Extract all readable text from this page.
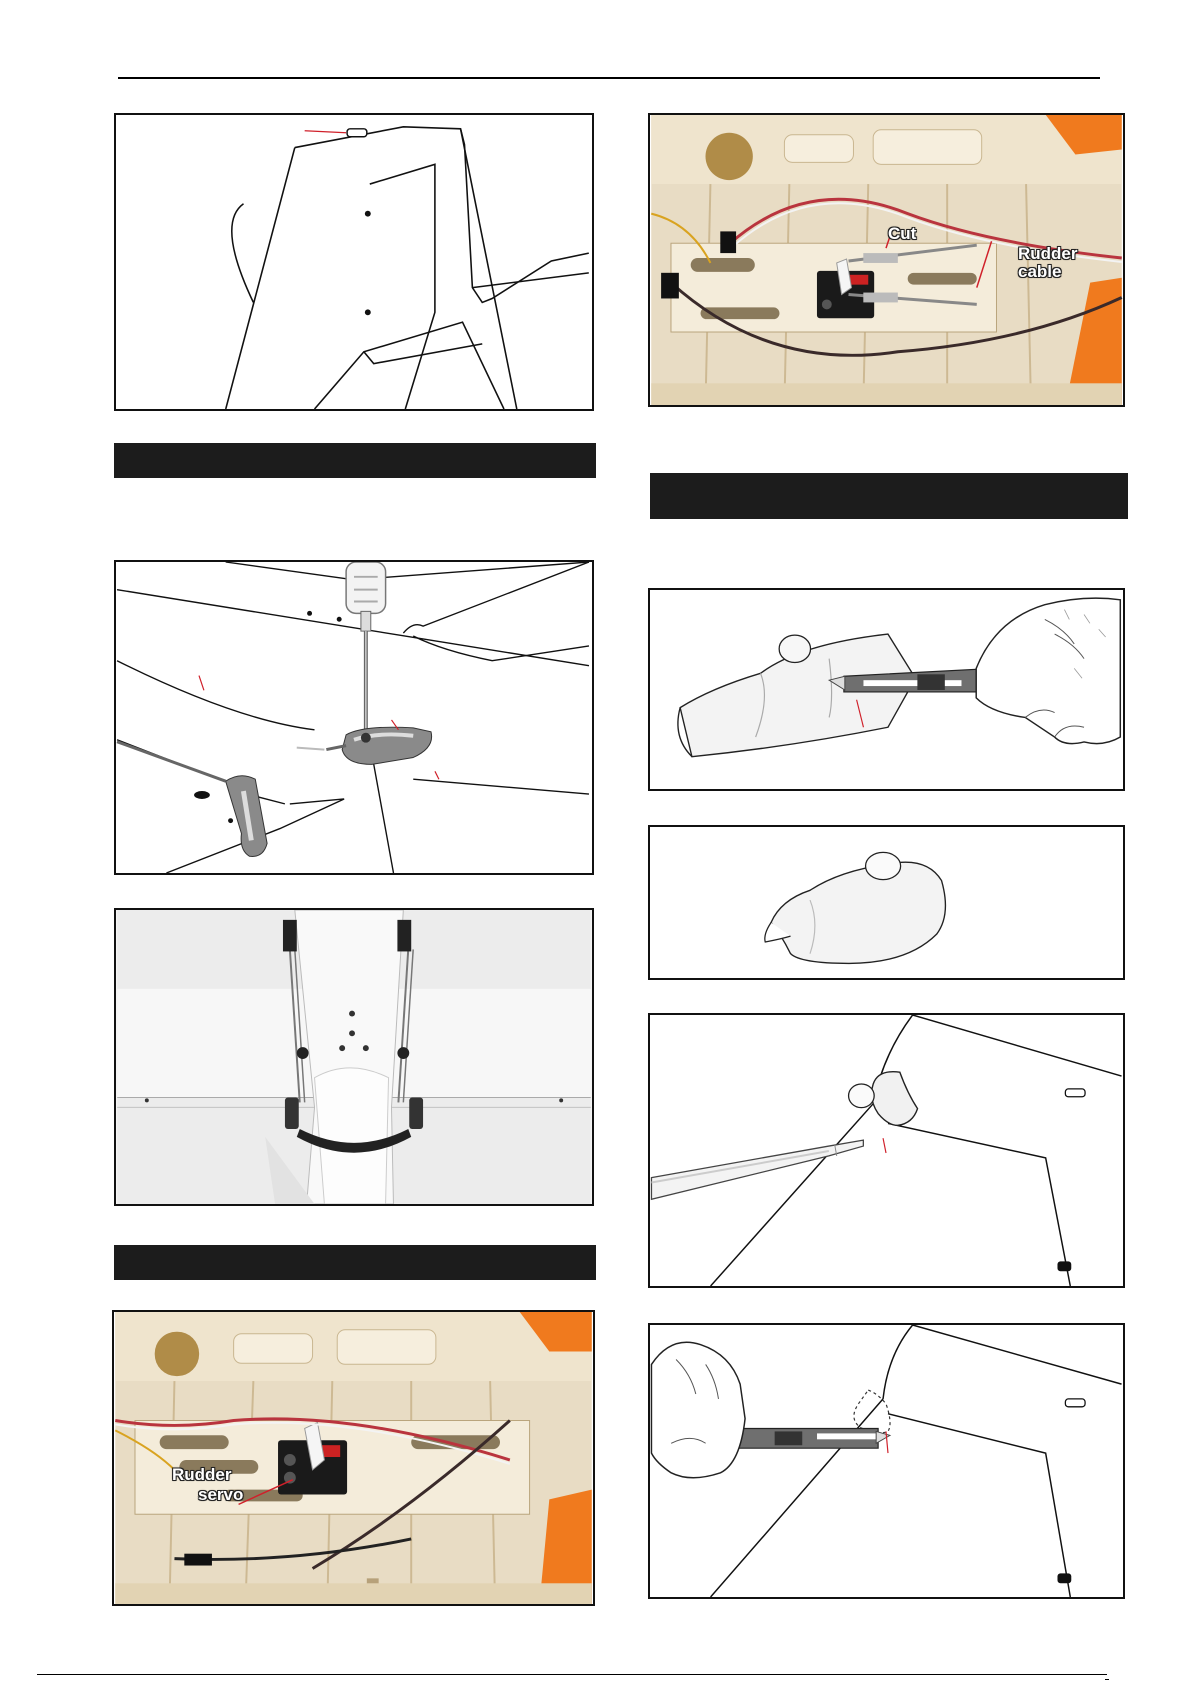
Rudder
servo
Cut
Rudder cable
